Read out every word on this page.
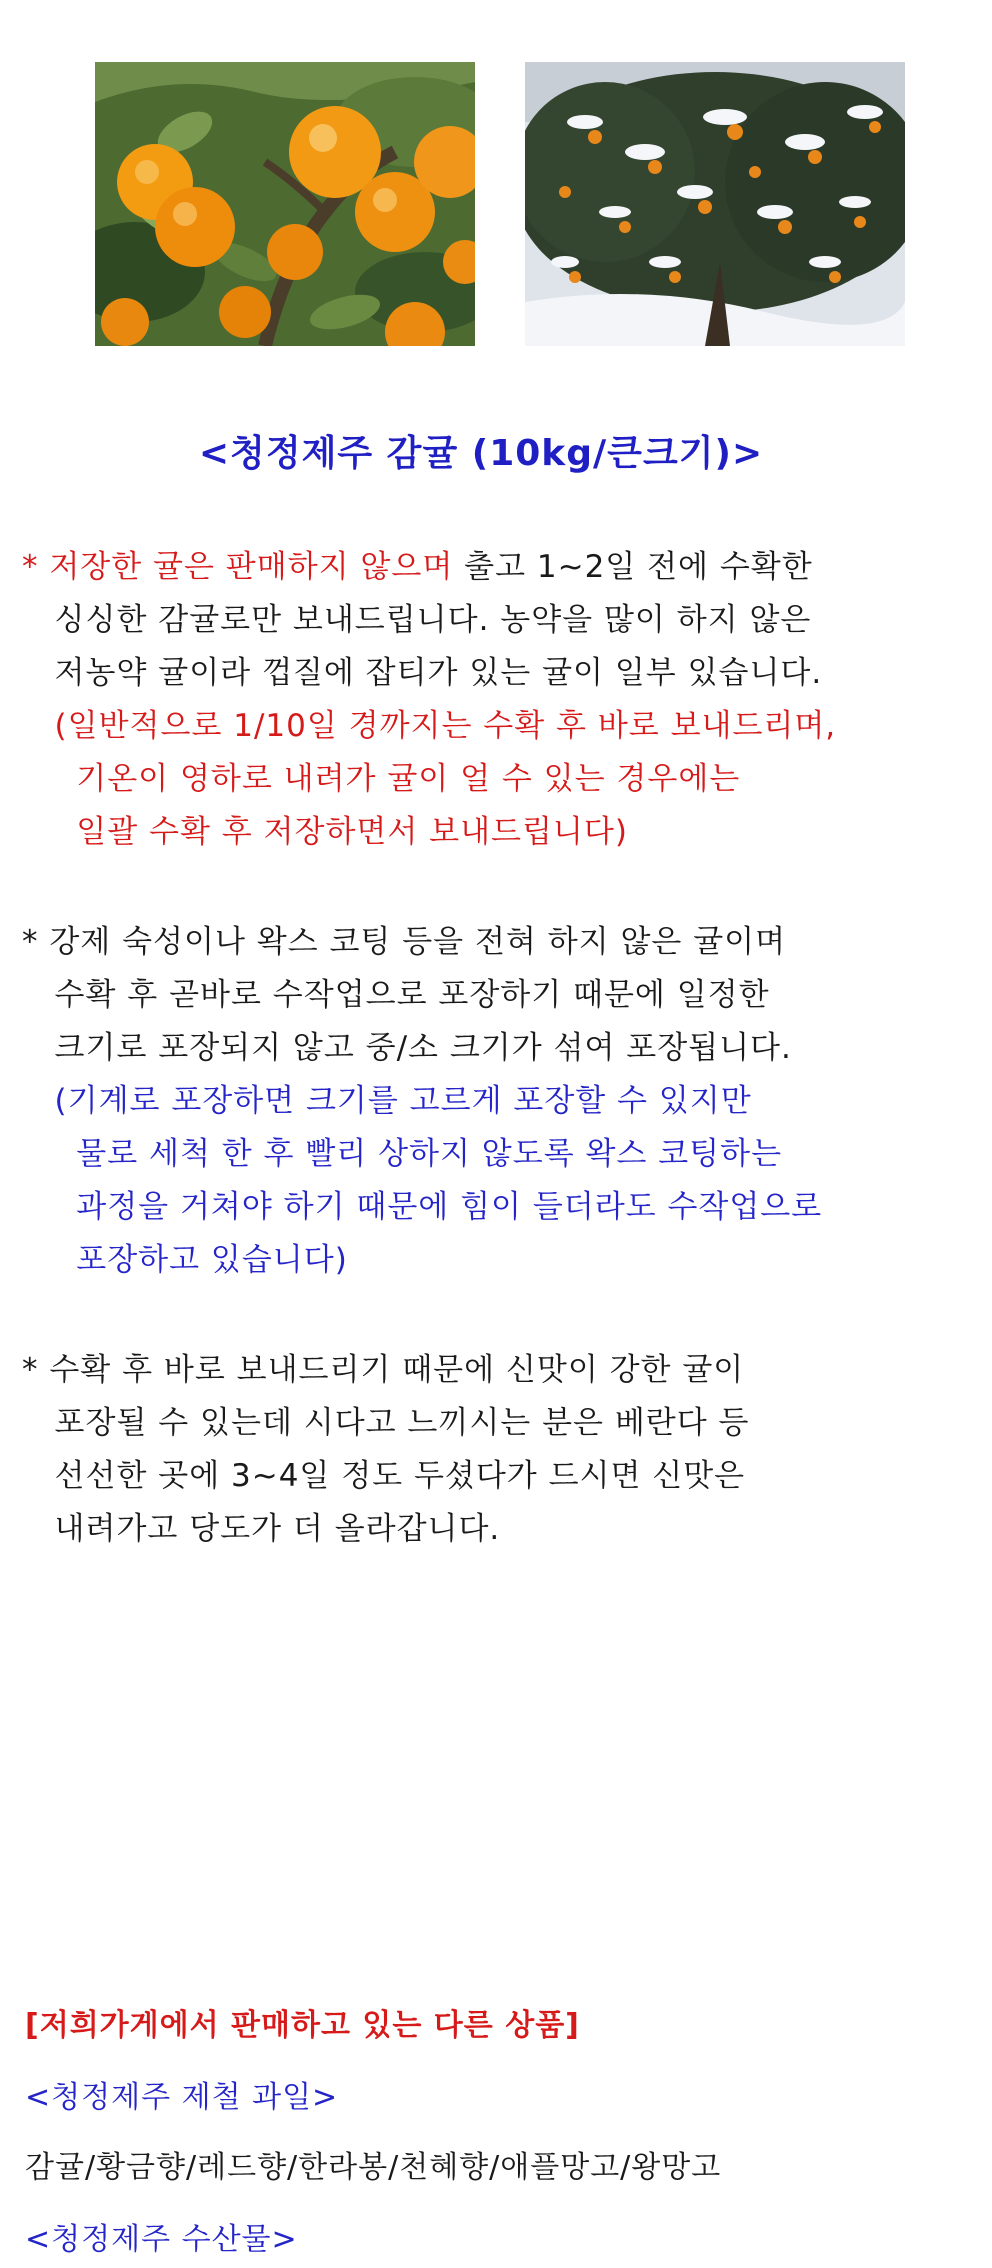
<청정제주 감귤 (10kg/큰크기)>
* 저장한 귤은 판매하지 않으며 출고 1~2일 전에 수확한
싱싱한 감귤로만 보내드립니다. 농약을 많이 하지 않은
저농약 귤이라 껍질에 잡티가 있는 귤이 일부 있습니다.
(일반적으로 1/10일 경까지는 수확 후 바로 보내드리며,
기온이 영하로 내려가 귤이 얼 수 있는 경우에는
일괄 수확 후 저장하면서 보내드립니다)
* 강제 숙성이나 왁스 코팅 등을 전혀 하지 않은 귤이며
수확 후 곧바로 수작업으로 포장하기 때문에 일정한
크기로 포장되지 않고 중/소 크기가 섞여 포장됩니다.
(기계로 포장하면 크기를 고르게 포장할 수 있지만
물로 세척 한 후 빨리 상하지 않도록 왁스 코팅하는
과정을 거쳐야 하기 때문에 힘이 들더라도 수작업으로
포장하고 있습니다)
* 수확 후 바로 보내드리기 때문에 신맛이 강한 귤이
포장될 수 있는데 시다고 느끼시는 분은 베란다 등
선선한 곳에 3~4일 정도 두셨다가 드시면 신맛은
내려가고 당도가 더 올라갑니다.
[저희가게에서 판매하고 있는 다른 상품]
<청정제주 제철 과일>
감귤/황금향/레드향/한라봉/천혜향/애플망고/왕망고
<청정제주 수산물>
